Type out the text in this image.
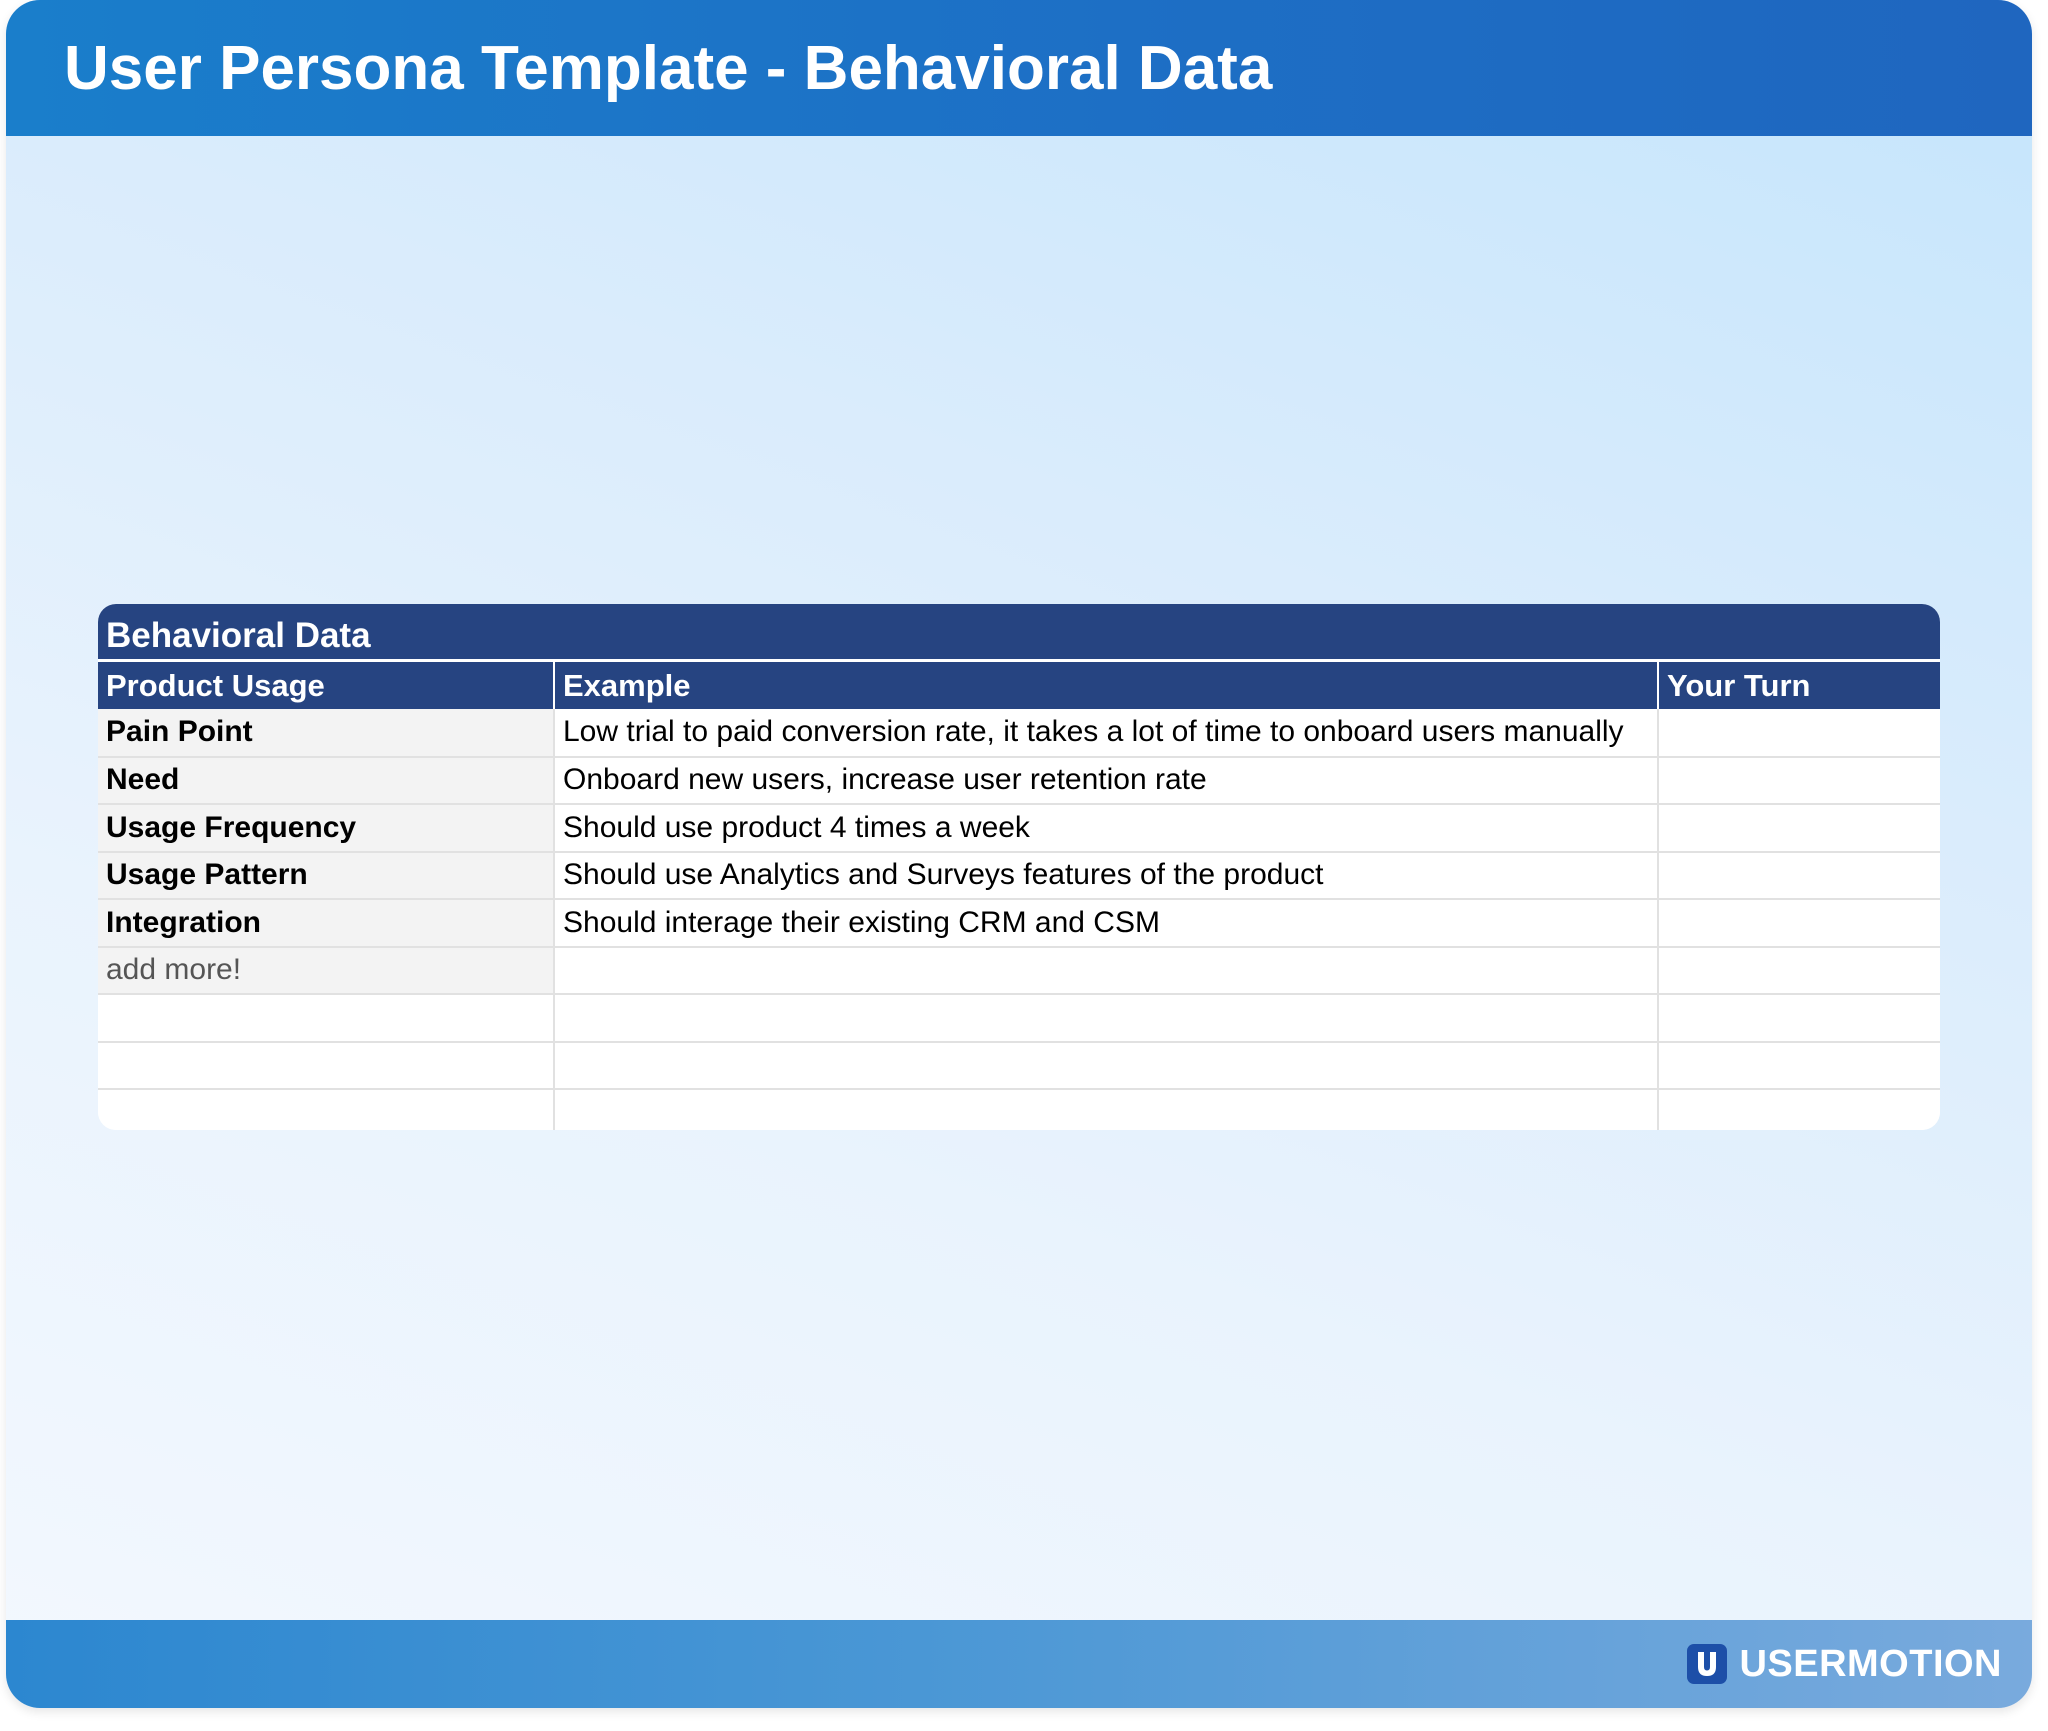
User Persona Template - Behavioral Data
Behavioral Data
Product Usage	Example	Your Turn
Pain Point	Low trial to paid conversion rate, it takes a lot of time to onboard users manually	
Need	Onboard new users, increase user retention rate	
Usage Frequency	Should use product 4 times a week	
Usage Pattern	Should use Analytics and Surveys features of the product	
Integration	Should interage their existing CRM and CSM	
add more!		

USERMOTION
